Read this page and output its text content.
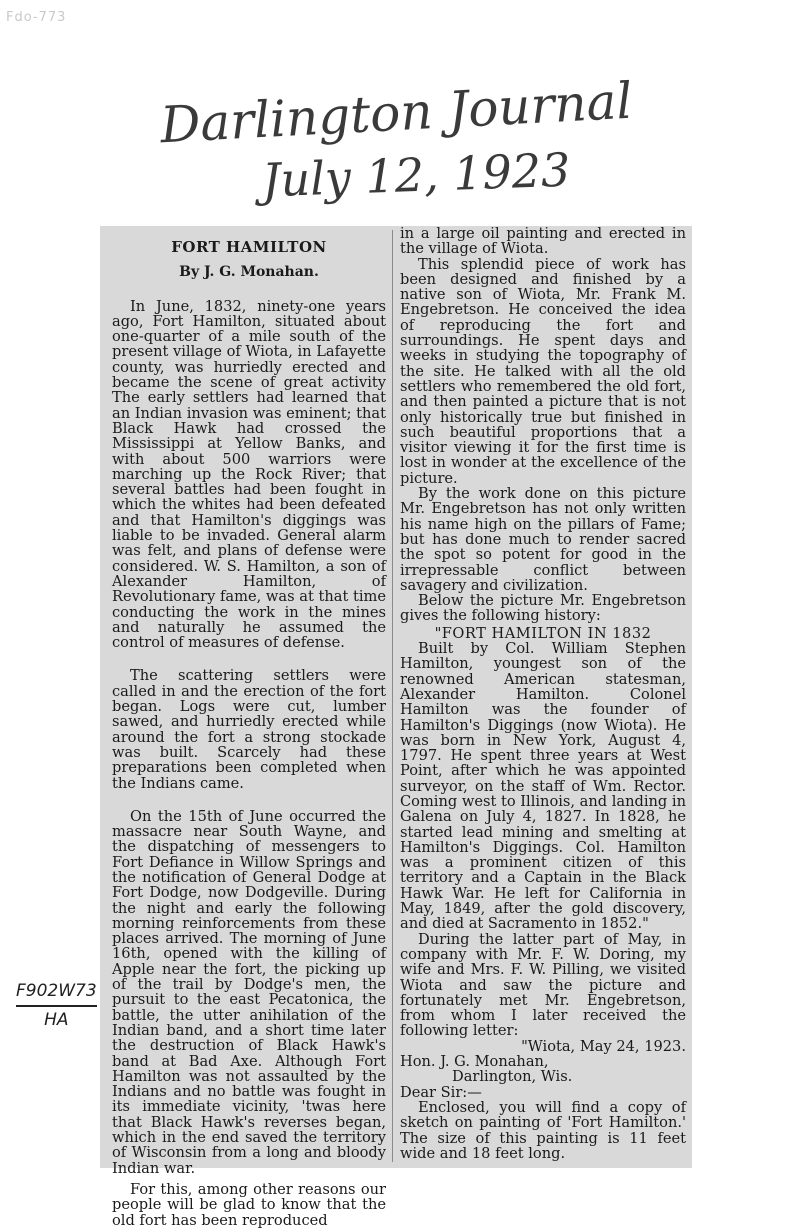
Fdo-773
Darlington Journal
July 12, 1923
FORT HAMILTON
By J. G. Monahan.

In June, 1832, ninety-one years ago, Fort Hamilton, situated about one-quarter of a mile south of the present village of Wiota, in Lafayette county, was hurriedly erected and became the scene of great activity The early settlers had learned that an Indian invasion was eminent; that Black Hawk had crossed the Mississippi at Yellow Banks, and with about 500 warriors were marching up the Rock River; that several battles had been fought in which the whites had been defeated and that Hamilton's diggings was liable to be invaded. General alarm was felt, and plans of defense were considered. W. S. Hamilton, a son of Alexander Hamilton, of Revolutionary fame, was at that time conducting the work in the mines and naturally he assumed the control of measures of defense.

The scattering settlers were called in and the erection of the fort began. Logs were cut, lumber sawed, and hurriedly erected while around the fort a strong stockade was built. Scarcely had these preparations been completed when the Indians came.

On the 15th of June occurred the massacre near South Wayne, and the dispatching of messengers to Fort Defiance in Willow Springs and the notification of General Dodge at Fort Dodge, now Dodgeville. During the night and early the following morning reinforcements from these places arrived. The morning of June 16th, opened with the killing of Apple near the fort, the picking up of the trail by Dodge's men, the pursuit to the east Pecatonica, the battle, the utter anihilation of the Indian band, and a short time later the destruction of Black Hawk's band at Bad Axe. Although Fort Hamilton was not assaulted by the Indians and no battle was fought in its immediate vicinity, 'twas here that Black Hawk's reverses began, which in the end saved the territory of Wisconsin from a long and bloody Indian war.

For this, among other reasons our people will be glad to know that the old fort has been reproduced

in a large oil painting and erected in the village of Wiota.

This splendid piece of work has been designed and finished by a native son of Wiota, Mr. Frank M. Engebretson. He conceived the idea of reproducing the fort and surroundings. He spent days and weeks in studying the topography of the site. He talked with all the old settlers who remembered the old fort, and then painted a picture that is not only historically true but finished in such beautiful proportions that a visitor viewing it for the first time is lost in wonder at the excellence of the picture.

By the work done on this picture Mr. Engebretson has not only written his name high on the pillars of Fame; but has done much to render sacred the spot so potent for good in the irrepressable conflict between savagery and civilization.

Below the picture Mr. Engebretson gives the following history:

"FORT HAMILTON IN 1832

Built by Col. William Stephen Hamilton, youngest son of the renowned American statesman, Alexander Hamilton. Colonel Hamilton was the founder of Hamilton's Diggings (now Wiota). He was born in New York, August 4, 1797. He spent three years at West Point, after which he was appointed surveyor, on the staff of Wm. Rector. Coming west to Illinois, and landing in Galena on July 4, 1827. In 1828, he started lead mining and smelting at Hamilton's Diggings. Col. Hamilton was a prominent citizen of this territory and a Captain in the Black Hawk War. He left for California in May, 1849, after the gold discovery, and died at Sacramento in 1852."

During the latter part of May, in company with Mr. F. W. Doring, my wife and Mrs. F. W. Pilling, we visited Wiota and saw the picture and fortunately met Mr. Engebretson, from whom I later received the following letter:

"Wiota, May 24, 1923.

Hon. J. G. Monahan,

Darlington, Wis.

Dear Sir:—

Enclosed, you will find a copy of sketch on painting of 'Fort Hamilton.' The size of this painting is 11 feet wide and 18 feet long.

F902W73
HA
